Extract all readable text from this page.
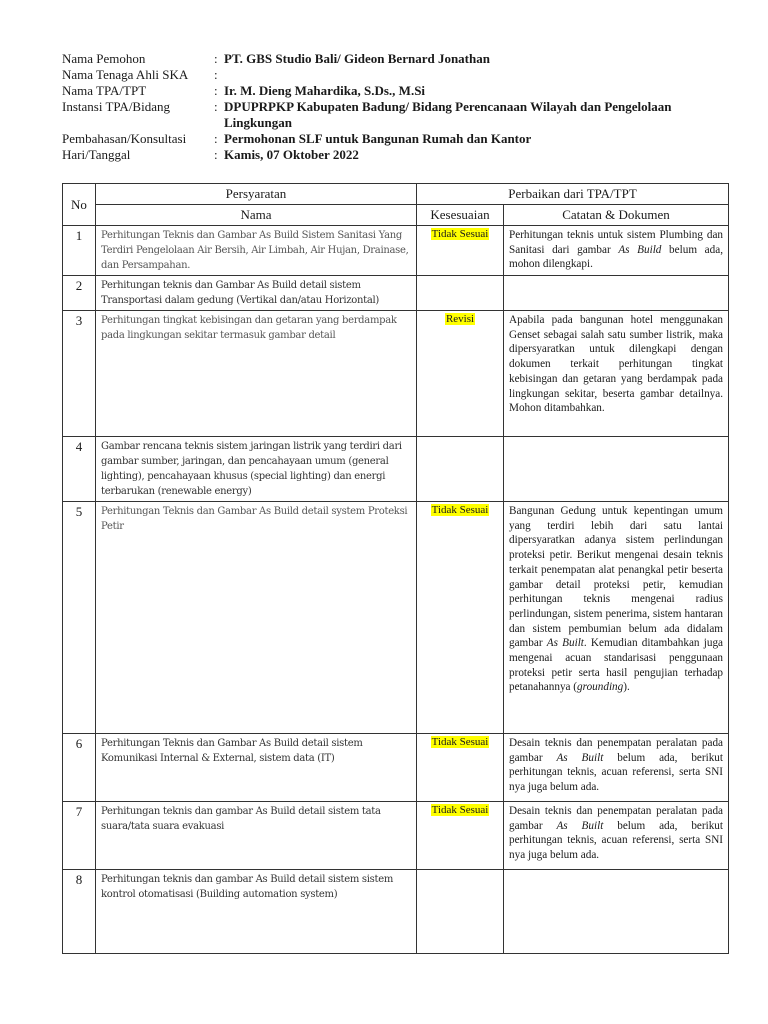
Nama Pemohon	: PT. GBS Studio Bali/ Gideon Bernard Jonathan
Nama Tenaga Ahli SKA	:
Nama TPA/TPT	: Ir. M. Dieng Mahardika, S.Ds., M.Si
Instansi TPA/Bidang	: DPUPRPKP Kabupaten Badung/ Bidang Perencanaan Wilayah dan Pengelolaan Lingkungan
Pembahasan/Konsultasi	: Permohonan SLF untuk Bangunan Rumah dan Kantor
Hari/Tanggal	: Kamis, 07 Oktober 2022
No	Persyaratan	Perbaikan dari TPA/TPT	
	Nama	Kesesuaian	Catatan & Dokumen
1	Perhitungan Teknis dan Gambar As Build Sistem Sanitasi Yang Terdiri Pengelolaan Air Bersih, Air Limbah, Air Hujan, Drainase, dan Persampahan.	Tidak Sesuai	Perhitungan teknis untuk sistem Plumbing dan Sanitasi dari gambar As Build belum ada, mohon dilengkapi.
2	Perhitungan teknis dan Gambar As Build detail sistem Transportasi dalam gedung (Vertikal dan/atau Horizontal)		
3	Perhitungan tingkat kebisingan dan getaran yang berdampak pada lingkungan sekitar termasuk gambar detail	Revisi	Apabila pada bangunan hotel menggunakan Genset sebagai salah satu sumber listrik, maka dipersyaratkan untuk dilengkapi dengan dokumen terkait perhitungan tingkat kebisingan dan getaran yang berdampak pada lingkungan sekitar, beserta gambar detailnya. Mohon ditambahkan.
4	Gambar rencana teknis sistem jaringan listrik yang terdiri dari gambar sumber, jaringan, dan pencahayaan umum (general lighting), pencahayaan khusus (special lighting) dan energi terbarukan (renewable energy)		
5	Perhitungan Teknis dan Gambar As Build detail system Proteksi Petir	Tidak Sesuai	Bangunan Gedung untuk kepentingan umum yang terdiri lebih dari satu lantai dipersyaratkan adanya sistem perlindungan proteksi petir. Berikut mengenai desain teknis terkait penempatan alat penangkal petir beserta gambar detail proteksi petir, kemudian perhitungan teknis mengenai radius perlindungan, sistem penerima, sistem hantaran dan sistem pembumian belum ada didalam gambar As Built. Kemudian ditambahkan juga mengenai acuan standarisasi penggunaan proteksi petir serta hasil pengujian terhadap petanahannya (grounding).
6	Perhitungan Teknis dan Gambar As Build detail sistem Komunikasi Internal & External, sistem data (IT)	Tidak Sesuai	Desain teknis dan penempatan peralatan pada gambar As Built belum ada, berikut perhitungan teknis, acuan referensi, serta SNI nya juga belum ada.
7	Perhitungan teknis dan gambar As Build detail sistem tata suara/tata suara evakuasi	Tidak Sesuai	Desain teknis dan penempatan peralatan pada gambar As Built belum ada, berikut perhitungan teknis, acuan referensi, serta SNI nya juga belum ada.
8	Perhitungan teknis dan gambar As Build detail sistem sistem kontrol otomatisasi (Building automation system)		
